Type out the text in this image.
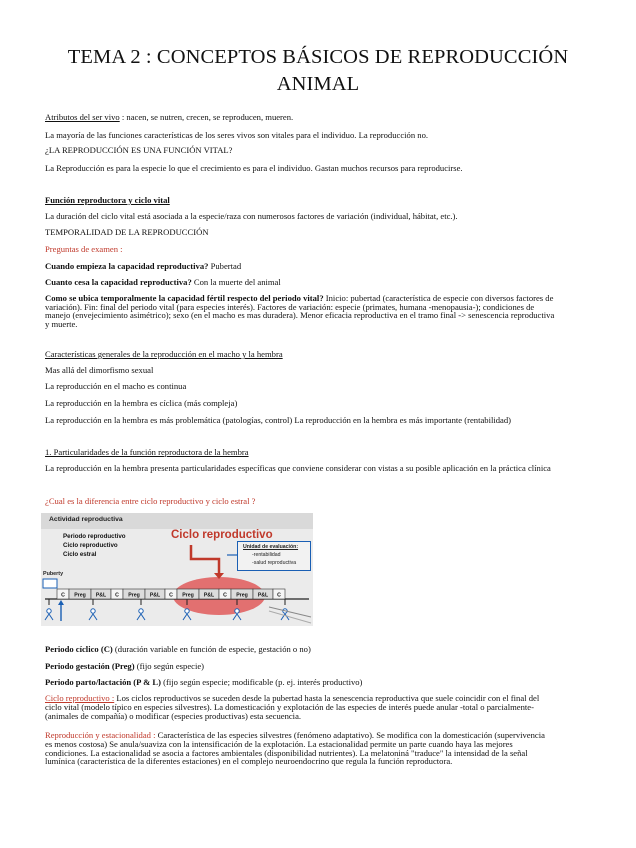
TEMA 2 : CONCEPTOS BÁSICOS DE REPRODUCCIÓN ANIMAL
Atributos del ser vivo : nacen, se nutren, crecen, se reproducen, mueren.
La mayoría de las funciones características de los seres vivos son vitales para el individuo. La reproducción no.
¿LA REPRODUCCIÓN ES UNA FUNCIÓN VITAL?
La Reproducción es para la especie lo que el crecimiento es para el individuo. Gastan muchos recursos para reproducirse.
Función reproductora y ciclo vital
La duración del ciclo vital está asociada a la especie/raza con numerosos factores de variación (individual, hábitat, etc.).
TEMPORALIDAD DE LA REPRODUCCIÓN
Preguntas de examen :
Cuando empieza la capacidad reproductiva? Pubertad
Cuanto cesa la capacidad reproductiva? Con la muerte del animal
Como se ubica temporalmente la capacidad fértil respecto del periodo vital? Inicio: pubertad (característica de especie con diversos factores de
variación). Fin: final del periodo vital (para especies interés). Factores de variación: especie (primates, humana -menopausia-); condiciones de
manejo (envejecimiento asimétrico); sexo (en el macho es mas duradera). Menor eficacia reproductiva en el tramo final -> senescencia reproductiva
y muerte.
Características generales de la reproducción en el macho y la hembra
Mas allá del dimorfismo sexual
La reproducción en el macho es continua
La reproducción en la hembra es cíclica (más compleja)
La reproducción en la hembra es más problemática (patologías, control) La reproducción en la hembra es más importante (rentabilidad)
1. Particularidades de la función reproductora de la hembra
La reproducción en la hembra presenta particularidades específicas que conviene considerar con vistas a su posible aplicación en la práctica clínica
¿Cual es la diferencia entre ciclo reproductivo y ciclo estral ?
Actividad reproductiva
Periodo reproductivo
Ciclo reproductivo
Ciclo estral
Ciclo reproductivo
Unidad de evaluación:
-rentabilidad
-salud reproductiva
Puberty
C Preg P&L C Preg P&L C Preg P&L C Preg P&L C
Periodo cíclico (C) (duración variable en función de especie, gestación o no)
Periodo gestación (Preg) (fijo según especie)
Periodo parto/lactación (P & L) (fijo según especie; modificable (p. ej. interés productivo)
Ciclo reproductivo : Los ciclos reproductivos se suceden desde la pubertad hasta la senescencia reproductiva que suele coincidir con el final del
ciclo vital (modelo típico en especies silvestres). La domesticación y explotación de las especies de interés puede anular -total o parcialmente-
(animales de compañía) o modificar (especies productivas) esta secuencia.
Reproducción y estacionalidad : Característica de las especies silvestres (fenómeno adaptativo). Se modifica con la domesticación (supervivencia
es menos costosa) Se anula/suaviza con la intensificación de la explotación. La estacionalidad permite un parte cuando haya las mejores
condiciones. La estacionalidad se asocia a factores ambientales (disponibilidad nutrientes). La melatoniná "traduce" la intensidad de la señal
lumínica (característica de la diferentes estaciones) en el complejo neuroendocrino que regula la función reproductora.
